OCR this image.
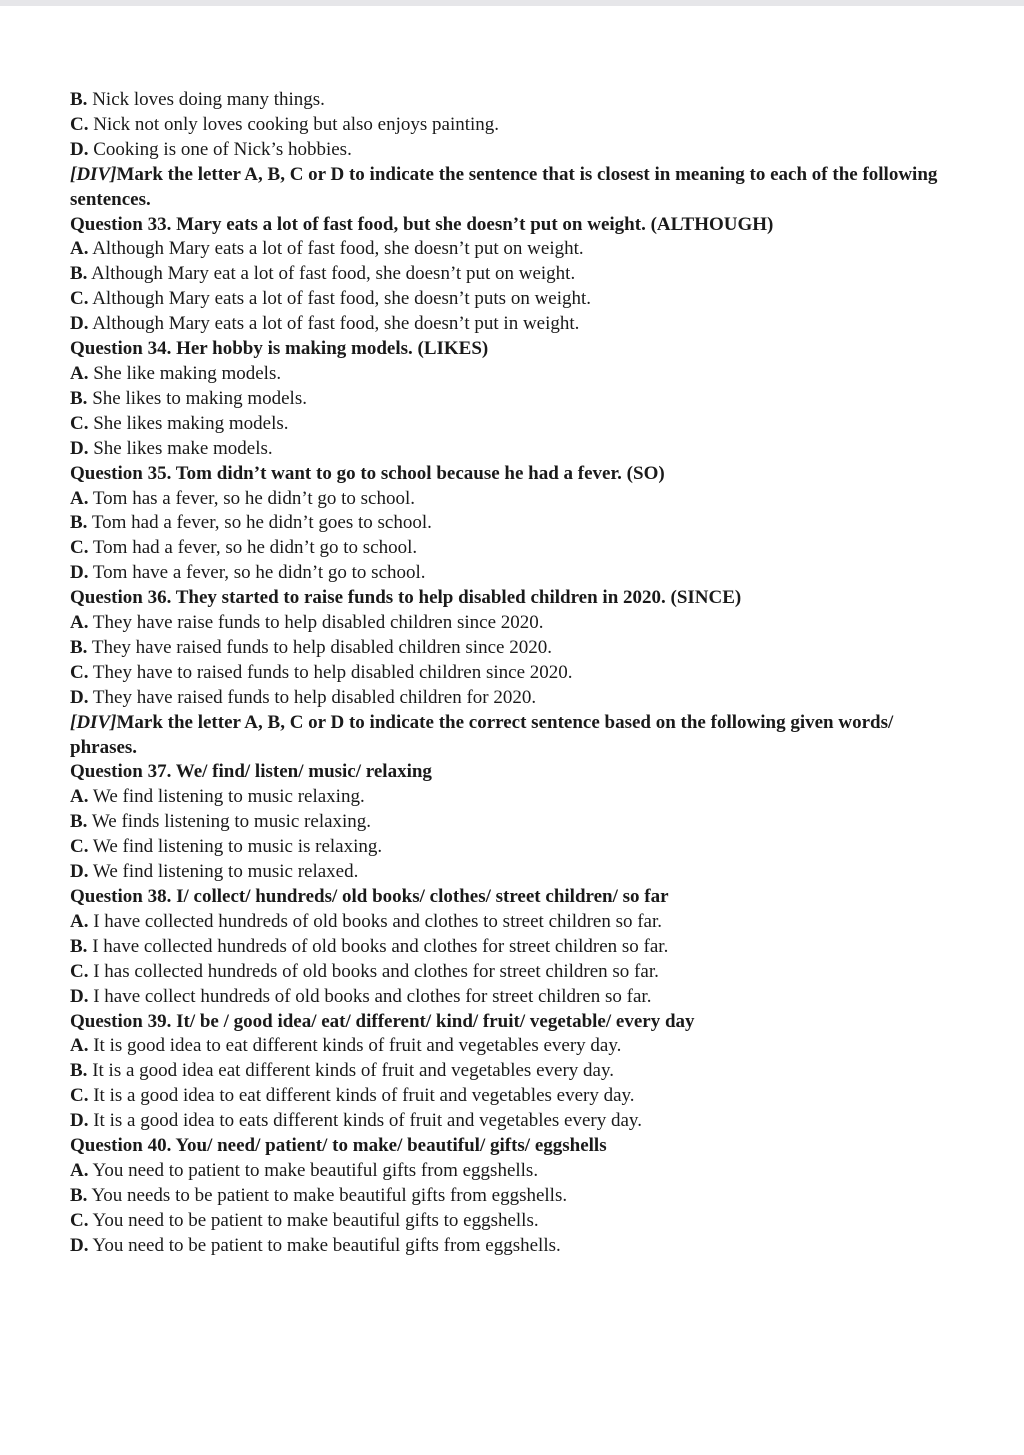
B. Nick loves doing many things.
C. Nick not only loves cooking but also enjoys painting.
D. Cooking is one of Nick’s hobbies.
[DIV]Mark the letter A, B, C or D to indicate the sentence that is closest in meaning to each of the following sentences.
Question 33. Mary eats a lot of fast food, but she doesn’t put on weight. (ALTHOUGH)
A. Although Mary eats a lot of fast food, she doesn’t put on weight.
B. Although Mary eat a lot of fast food, she doesn’t put on weight.
C. Although Mary eats a lot of fast food, she doesn’t puts on weight.
D. Although Mary eats a lot of fast food, she doesn’t put in weight.
Question 34. Her hobby is making models. (LIKES)
A. She like making models.
B. She likes to making models.
C. She likes making models.
D. She likes make models.
Question 35. Tom didn’t want to go to school because he had a fever. (SO)
A. Tom has a fever, so he didn’t go to school.
B. Tom had a fever, so he didn’t goes to school.
C. Tom had a fever, so he didn’t go to school.
D. Tom have a fever, so he didn’t go to school.
Question 36. They started to raise funds to help disabled children in 2020. (SINCE)
A. They have raise funds to help disabled children since 2020.
B. They have raised funds to help disabled children since 2020.
C. They have to raised funds to help disabled children since 2020.
D. They have raised funds to help disabled children for 2020.
[DIV]Mark the letter A, B, C or D to indicate the correct sentence based on the following given words/ phrases.
Question 37. We/ find/ listen/ music/ relaxing
A. We find listening to music relaxing.
B. We finds listening to music relaxing.
C. We find listening to music is relaxing.
D. We find listening to music relaxed.
Question 38. I/ collect/ hundreds/ old books/ clothes/ street children/ so far
A. I have collected hundreds of old books and clothes to street children so far.
B. I have collected hundreds of old books and clothes for street children so far.
C. I has collected hundreds of old books and clothes for street children so far.
D. I have collect hundreds of old books and clothes for street children so far.
Question 39. It/ be / good idea/ eat/ different/ kind/ fruit/ vegetable/ every day
A. It is good idea to eat different kinds of fruit and vegetables every day.
B. It is a good idea eat different kinds of fruit and vegetables every day.
C. It is a good idea to eat different kinds of fruit and vegetables every day.
D. It is a good idea to eats different kinds of fruit and vegetables every day.
Question 40. You/ need/ patient/ to make/ beautiful/ gifts/ eggshells
A. You need to patient to make beautiful gifts from eggshells.
B. You needs to be patient to make beautiful gifts from eggshells.
C. You need to be patient to make beautiful gifts to eggshells.
D. You need to be patient to make beautiful gifts from eggshells.
